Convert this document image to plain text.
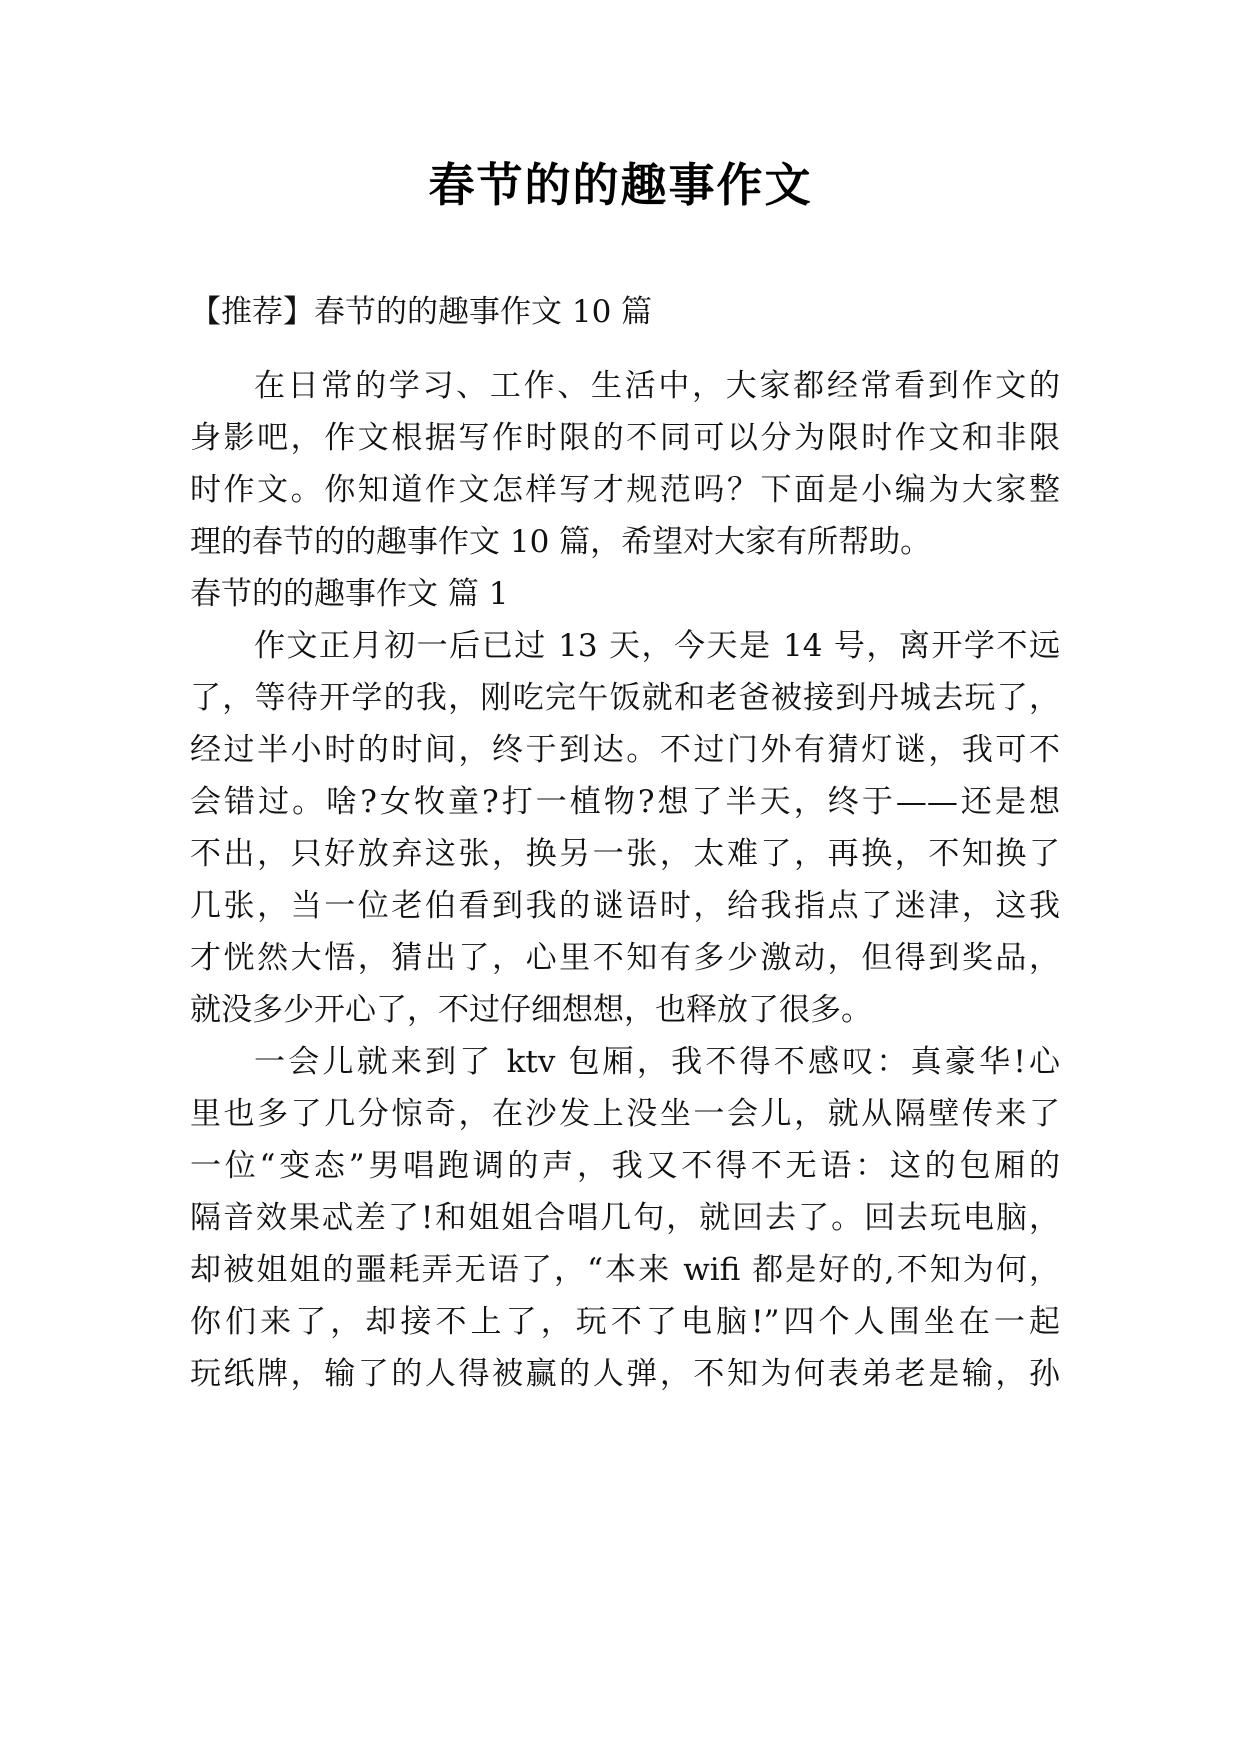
春节的的趣事作文
【推荐】春节的的趣事作文 10 篇
在日常的学习、工作、生活中，大家都经常看到作文的
身影吧，作文根据写作时限的不同可以分为限时作文和非限
时作文。你知道作文怎样写才规范吗？下面是小编为大家整
理的春节的的趣事作文 10 篇，希望对大家有所帮助。
春节的的趣事作文 篇 1
作文正月初一后已过 13 天，今天是 14 号，离开学不远
了，等待开学的我，刚吃完午饭就和老爸被接到丹城去玩了，
经过半小时的时间，终于到达。不过门外有猜灯谜，我可不
会错过。啥?女牧童?打一植物?想了半天，终于——还是想
不出，只好放弃这张，换另一张，太难了，再换，不知换了
几张，当一位老伯看到我的谜语时，给我指点了迷津，这我
才恍然大悟，猜出了，心里不知有多少激动，但得到奖品，
就没多少开心了，不过仔细想想，也释放了很多。
一会儿就来到了 ktv 包厢，我不得不感叹：真豪华!心
里也多了几分惊奇，在沙发上没坐一会儿，就从隔壁传来了
一位“变态”男唱跑调的声，我又不得不无语：这的包厢的
隔音效果忒差了!和姐姐合唱几句，就回去了。回去玩电脑，
却被姐姐的噩耗弄无语了，“本来 wifi 都是好的,不知为何，
你们来了，却接不上了，玩不了电脑!”四个人围坐在一起
玩纸牌，输了的人得被赢的人弹，不知为何表弟老是输，孙
